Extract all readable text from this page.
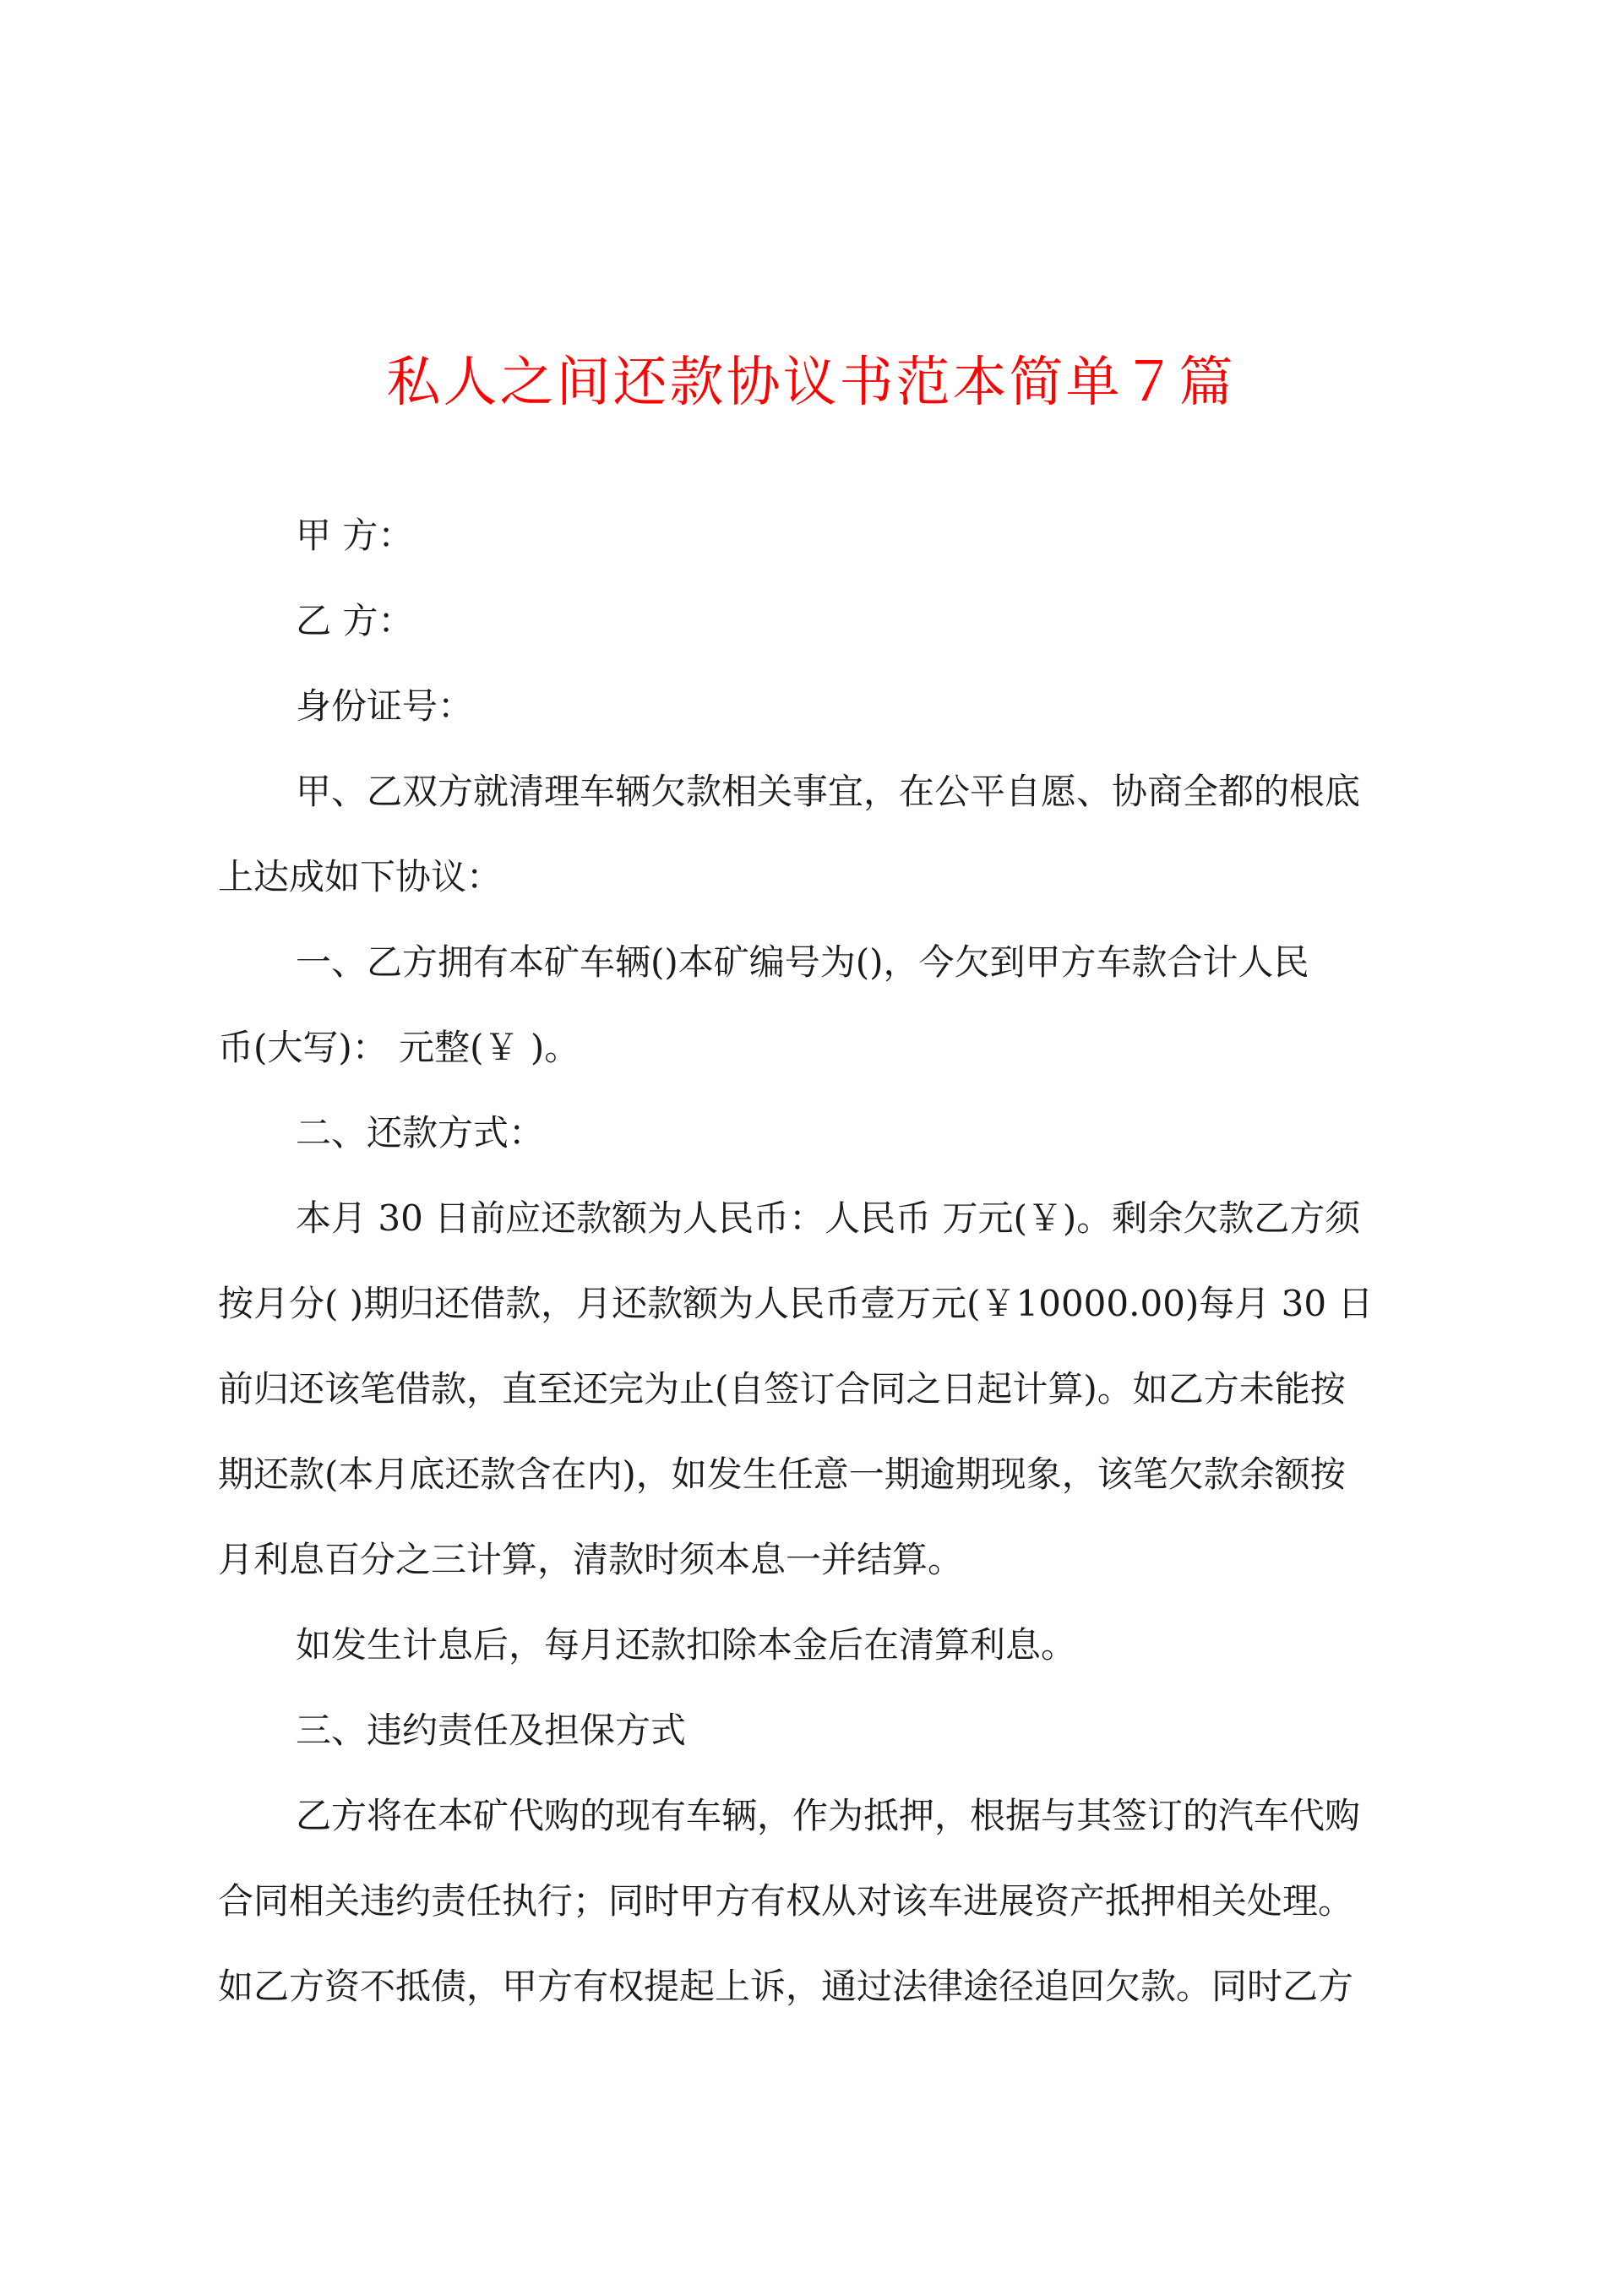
私人之间还款协议书范本简单７篇

甲 方：

乙 方：

身份证号：

甲、乙双方就清理车辆欠款相关事宜，在公平自愿、协商全都的根底

上达成如下协议：

一、乙方拥有本矿车辆()本矿编号为()，今欠到甲方车款合计人民

币(大写)： 元整(￥ )。

二、还款方式：

本月 30 日前应还款额为人民币：人民币 万元(￥)。剩余欠款乙方须

按月分( )期归还借款，月还款额为人民币壹万元(￥10000.00)每月 30 日

前归还该笔借款，直至还完为止(自签订合同之日起计算)。如乙方未能按

期还款(本月底还款含在内)，如发生任意一期逾期现象，该笔欠款余额按

月利息百分之三计算，清款时须本息一并结算。

如发生计息后，每月还款扣除本金后在清算利息。

三、违约责任及担保方式

乙方将在本矿代购的现有车辆，作为抵押，根据与其签订的汽车代购

合同相关违约责任执行；同时甲方有权从对该车进展资产抵押相关处理。

如乙方资不抵债，甲方有权提起上诉，通过法律途径追回欠款。同时乙方
